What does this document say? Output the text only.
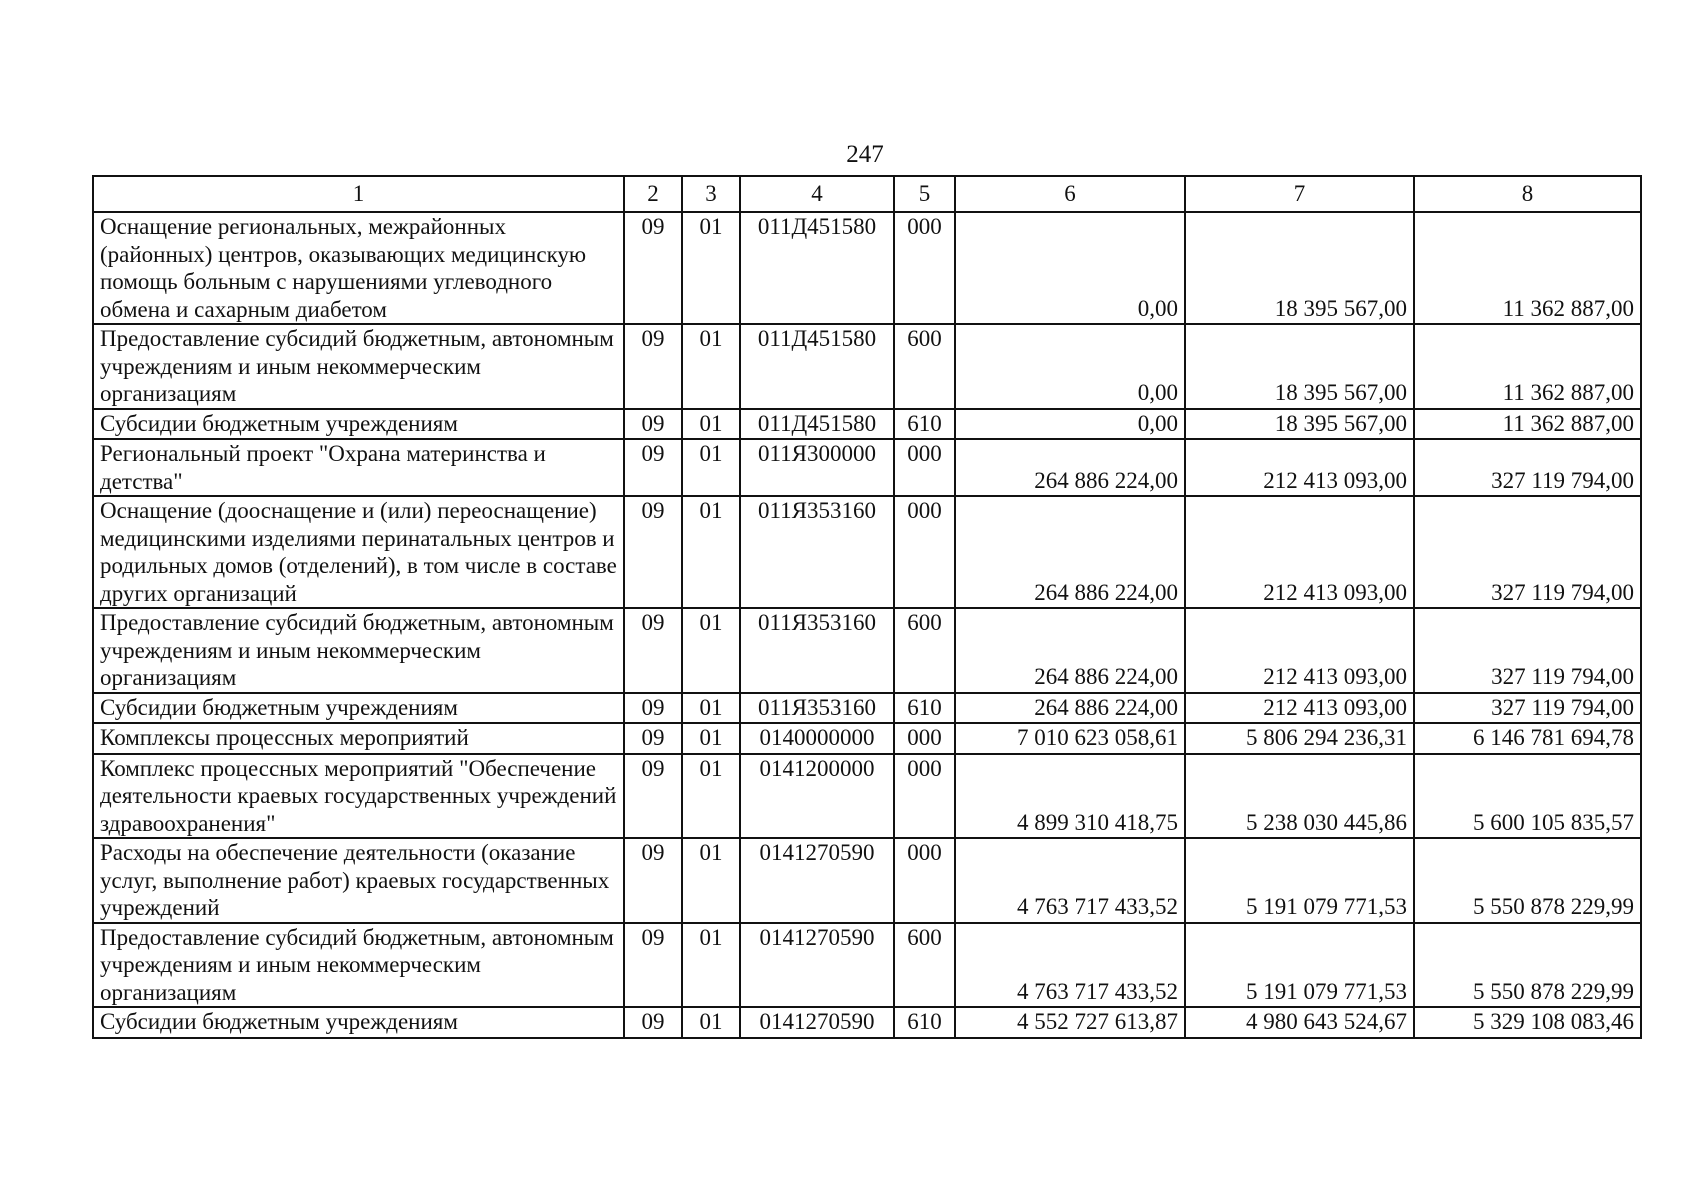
247
1	2	3	4	5	6	7	8
Оснащение региональных, межрайонных (районных) центров, оказывающих медицинскую помощь больным с нарушениями углеводного обмена и сахарным диабетом	09	01	011Д451580	000	0,00	18 395 567,00	11 362 887,00
Предоставление субсидий бюджетным, автономным учреждениям и иным некоммерческим организациям	09	01	011Д451580	600	0,00	18 395 567,00	11 362 887,00
Субсидии бюджетным учреждениям	09	01	011Д451580	610	0,00	18 395 567,00	11 362 887,00
Региональный проект "Охрана материнства и детства"	09	01	011Я300000	000	264 886 224,00	212 413 093,00	327 119 794,00
Оснащение (дооснащение и (или) переоснащение) медицинскими изделиями перинатальных центров и родильных домов (отделений), в том числе в составе других организаций	09	01	011Я353160	000	264 886 224,00	212 413 093,00	327 119 794,00
Предоставление субсидий бюджетным, автономным учреждениям и иным некоммерческим организациям	09	01	011Я353160	600	264 886 224,00	212 413 093,00	327 119 794,00
Субсидии бюджетным учреждениям	09	01	011Я353160	610	264 886 224,00	212 413 093,00	327 119 794,00
Комплексы процессных мероприятий	09	01	0140000000	000	7 010 623 058,61	5 806 294 236,31	6 146 781 694,78
Комплекс процессных мероприятий "Обеспечение деятельности краевых государственных учреждений здравоохранения"	09	01	0141200000	000	4 899 310 418,75	5 238 030 445,86	5 600 105 835,57
Расходы на обеспечение деятельности (оказание услуг, выполнение работ) краевых государственных учреждений	09	01	0141270590	000	4 763 717 433,52	5 191 079 771,53	5 550 878 229,99
Предоставление субсидий бюджетным, автономным учреждениям и иным некоммерческим организациям	09	01	0141270590	600	4 763 717 433,52	5 191 079 771,53	5 550 878 229,99
Субсидии бюджетным учреждениям	09	01	0141270590	610	4 552 727 613,87	4 980 643 524,67	5 329 108 083,46
